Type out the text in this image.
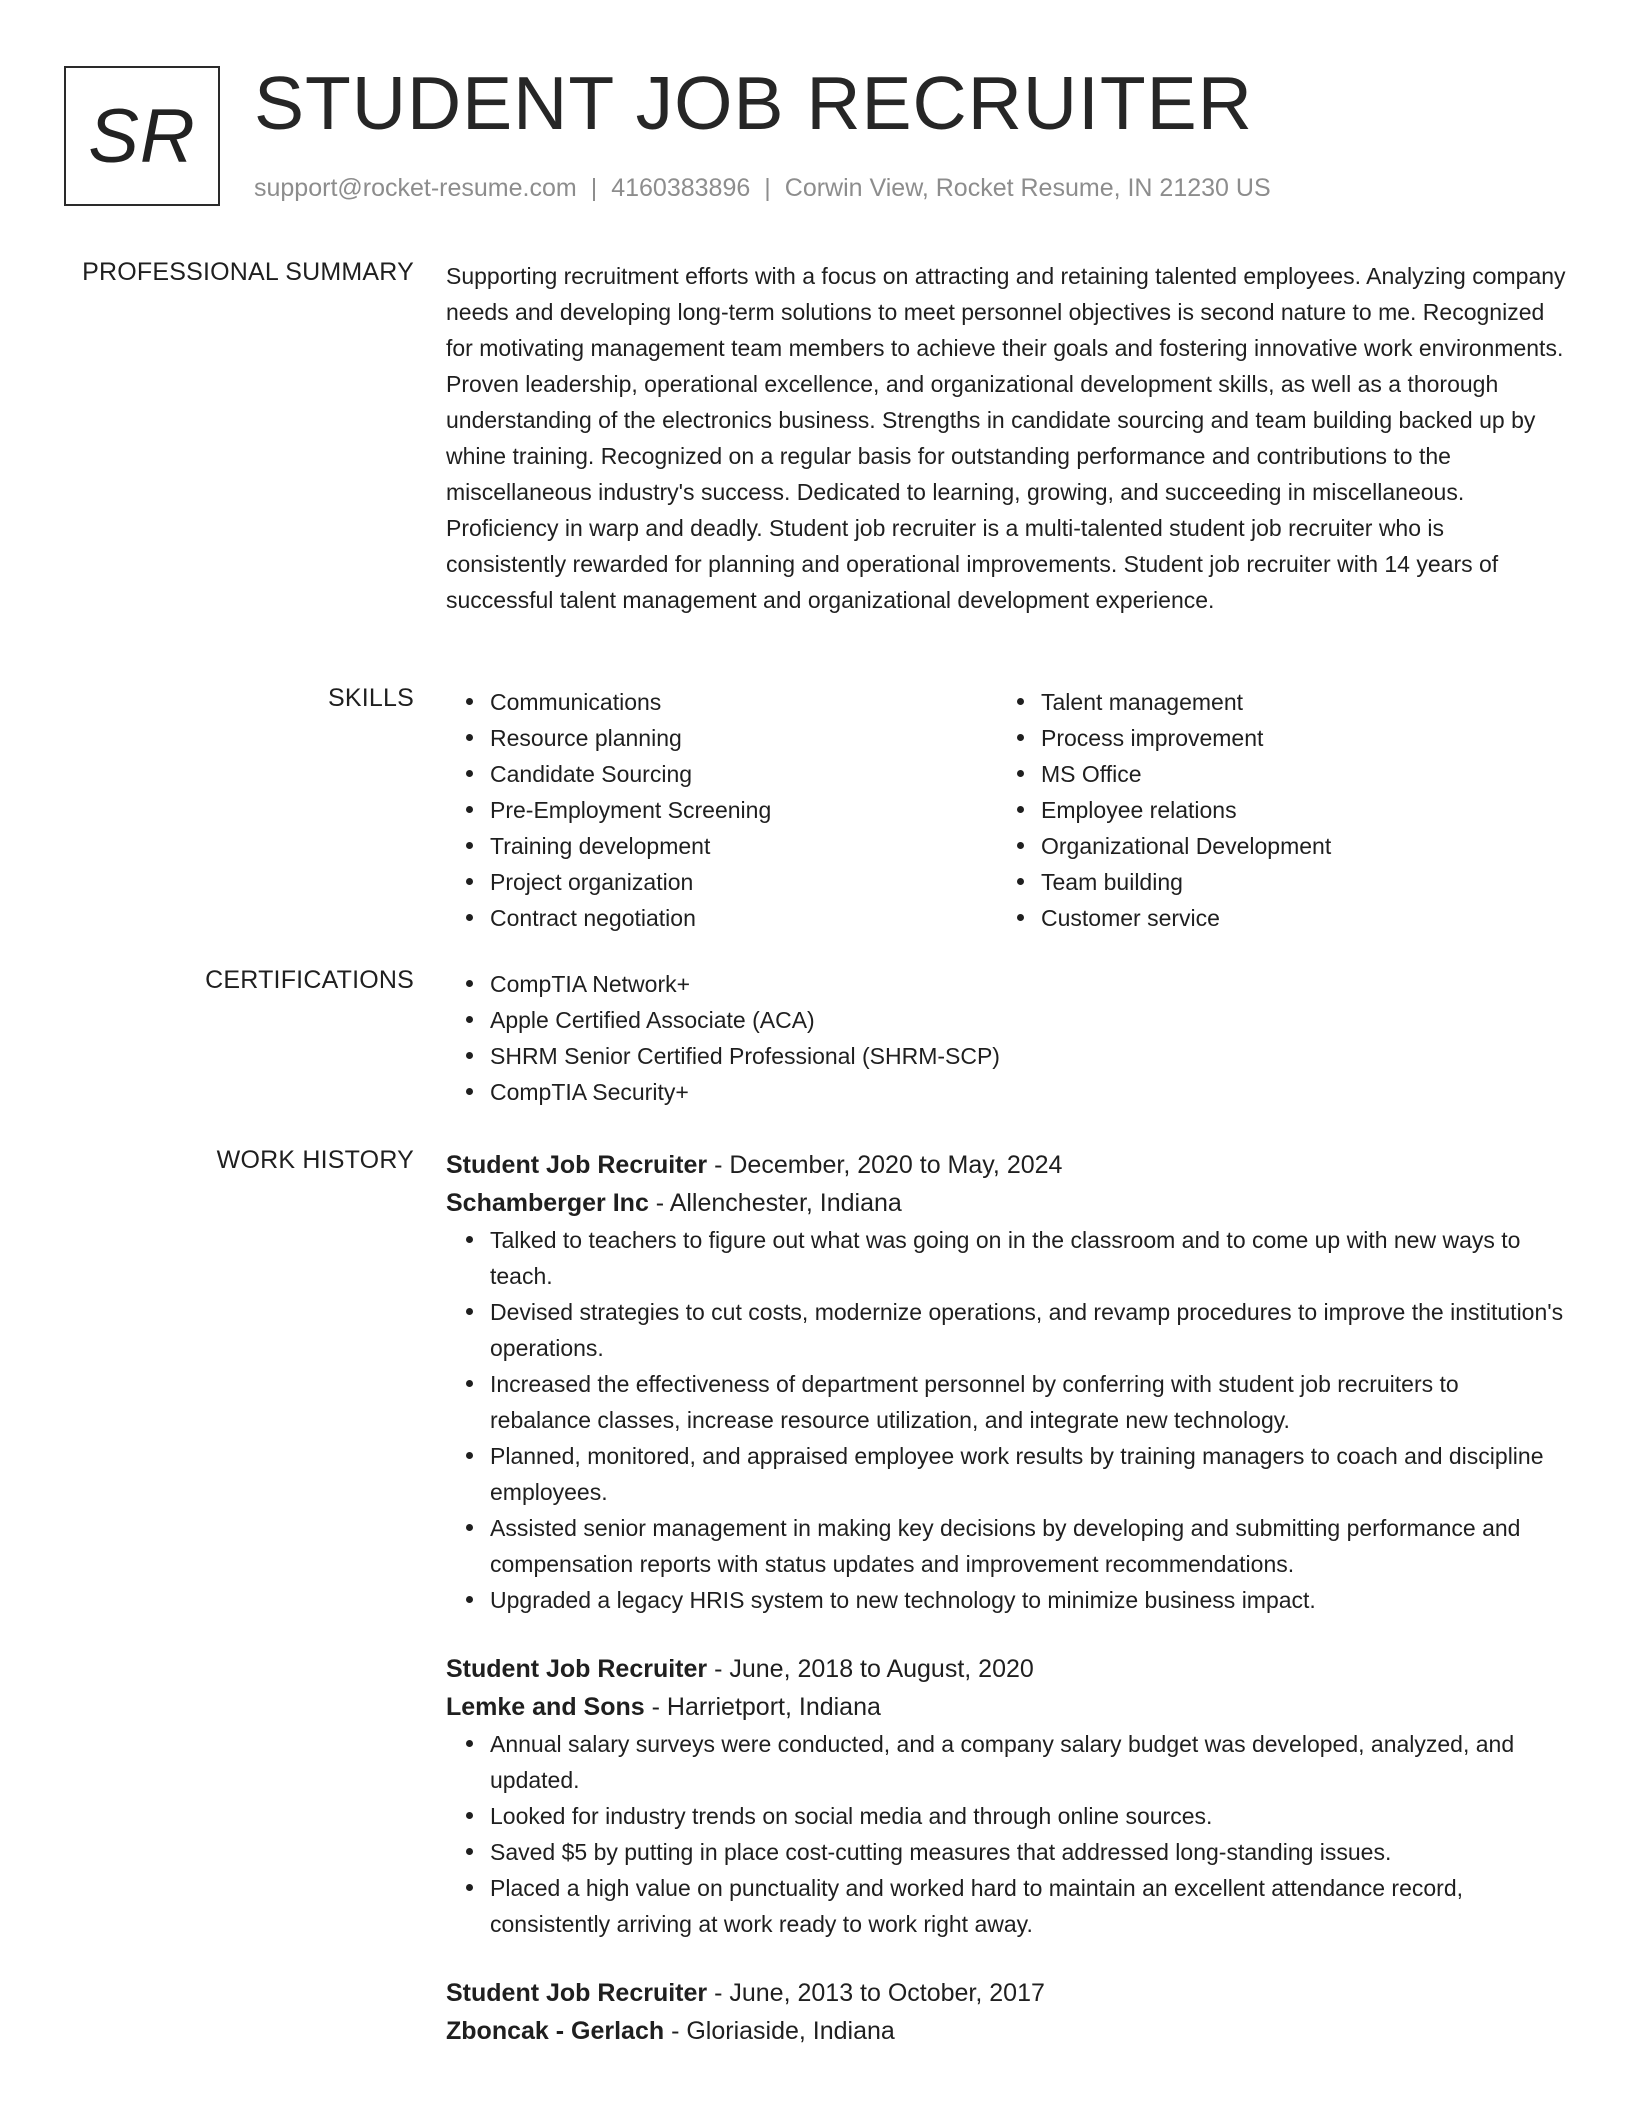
SR STUDENT JOB RECRUITER
support@rocket-resume.com | 4160383896 | Corwin View, Rocket Resume, IN 21230 US
PROFESSIONAL SUMMARY Supporting recruitment efforts with a focus on attracting and retaining talented employees. Analyzing company needs and developing long-term solutions to meet personnel objectives is second nature to me. Recognized for motivating management team members to achieve their goals and fostering innovative work environments. Proven leadership, operational excellence, and organizational development skills, as well as a thorough understanding of the electronics business. Strengths in candidate sourcing and team building backed up by whine training. Recognized on a regular basis for outstanding performance and contributions to the miscellaneous industry's success. Dedicated to learning, growing, and succeeding in miscellaneous. Proficiency in warp and deadly. Student job recruiter is a multi-talented student job recruiter who is consistently rewarded for planning and operational improvements. Student job recruiter with 14 years of successful talent management and organizational development experience.

SKILLS	Communications
Resource planning
Candidate Sourcing
Pre-Employment Screening
Training development
Project organization
Contract negotiation
Talent management
Process improvement
MS Office
Employee relations
Organizational Development
Team building
Customer service
CERTIFICATIONS	CompTIA Network+
Apple Certified Associate (ACA)
SHRM Senior Certified Professional (SHRM-SCP)
CompTIA Security+
WORK HISTORY Student Job Recruiter - December, 2020 to May, 2024
Schamberger Inc - Allenchester, Indiana
Talked to teachers to figure out what was going on in the classroom and to come up with new ways to teach.
Devised strategies to cut costs, modernize operations, and revamp procedures to improve the institution's operations.
Increased the effectiveness of department personnel by conferring with student job recruiters to rebalance classes, increase resource utilization, and integrate new technology.
Planned, monitored, and appraised employee work results by training managers to coach and discipline employees.
Assisted senior management in making key decisions by developing and submitting performance and compensation reports with status updates and improvement recommendations.
Upgraded a legacy HRIS system to new technology to minimize business impact.
Student Job Recruiter - June, 2018 to August, 2020
Lemke and Sons - Harrietport, Indiana
Annual salary surveys were conducted, and a company salary budget was developed, analyzed, and updated.
Looked for industry trends on social media and through online sources.
Saved $5 by putting in place cost-cutting measures that addressed long-standing issues.
Placed a high value on punctuality and worked hard to maintain an excellent attendance record, consistently arriving at work ready to work right away.
Student Job Recruiter - June, 2013 to October, 2017
Zboncak - Gerlach - Gloriaside, Indiana
